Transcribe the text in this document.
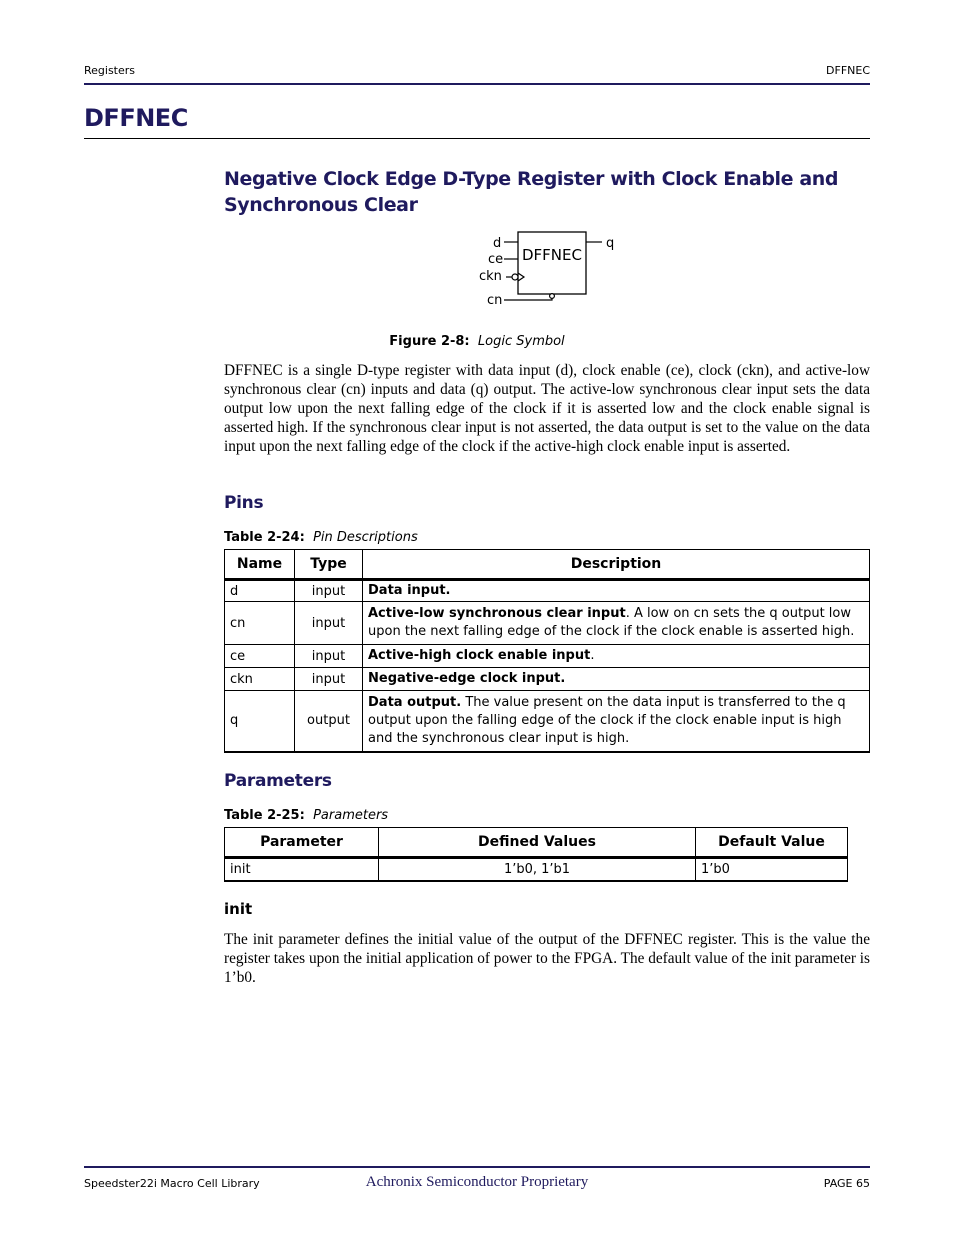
Registers	DFFNEC
DFFNEC
Negative Clock Edge D-Type Register with Clock Enable and Synchronous Clear
DFFNEC
d
ce
ckn
cn
q
Figure 2-8: Logic Symbol
DFFNEC is a single D-type register with data input (d), clock enable (ce), clock (ckn), and active-low synchronous clear (cn) inputs and data (q) output. The active-low synchronous clear input sets the data output low upon the next falling edge of the clock if it is asserted low and the clock enable signal is asserted high. If the synchronous clear input is not asserted, the data output is set to the value on the data input upon the next falling edge of the clock if the active-high clock enable input is asserted.
Pins
Table 2-24: Pin Descriptions
Name	Type	Description
d	input	Data input.
cn	input	Active-low synchronous clear input. A low on cn sets the q output low upon the next falling edge of the clock if the clock enable is asserted high.
ce	input	Active-high clock enable input.
ckn	input	Negative-edge clock input.
q	output	Data output. The value present on the data input is transferred to the q output upon the falling edge of the clock if the clock enable input is high and the synchronous clear input is high.
Parameters
Table 2-25: Parameters
Parameter	Defined Values	Default Value
init	1’b0, 1’b1	1’b0
init
The init parameter defines the initial value of the output of the DFFNEC register. This is the value the register takes upon the initial application of power to the FPGA. The default value of the init parameter is 1’b0.
Speedster22i Macro Cell Library	Achronix Semiconductor Proprietary	PAGE 65
